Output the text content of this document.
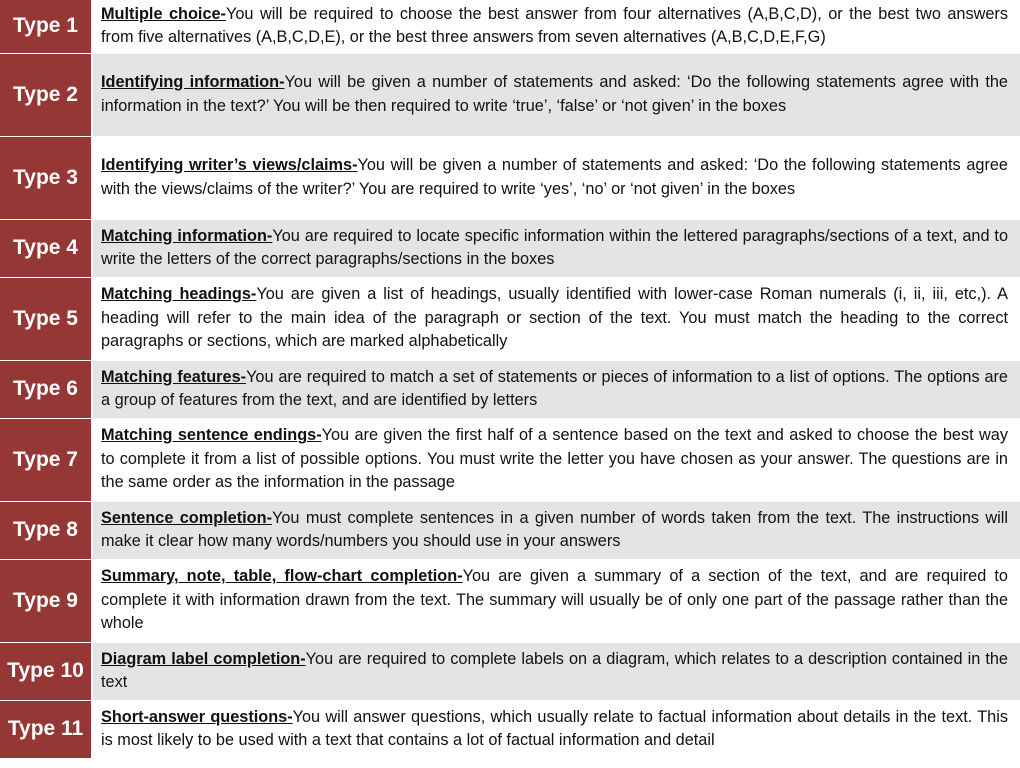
Type 1	Multiple choice-You will be required to choose the best answer from four alternatives (A,B,C,D), or the best two answers from five alternatives (A,B,C,D,E), or the best three answers from seven alternatives (A,B,C,D,E,F,G)
Type 2	Identifying information-You will be given a number of statements and asked: ‘Do the following statements agree with the information in the text?’ You will be then required to write ‘true’, ‘false’ or ‘not given’ in the boxes
Type 3	Identifying writer’s views/claims-You will be given a number of statements and asked: ‘Do the following statements agree with the views/claims of the writer?’ You are required to write ‘yes’, ‘no’ or ‘not given’ in the boxes
Type 4	Matching information-You are required to locate specific information within the lettered paragraphs/sections of a text, and to write the letters of the correct paragraphs/sections in the boxes
Type 5	Matching headings-You are given a list of headings, usually identified with lower-case Roman numerals (i, ii, iii, etc,). A heading will refer to the main idea of the paragraph or section of the text. You must match the heading to the correct paragraphs or sections, which are marked alphabetically
Type 6	Matching features-You are required to match a set of statements or pieces of information to a list of options. The options are a group of features from the text, and are identified by letters
Type 7	Matching sentence endings-You are given the first half of a sentence based on the text and asked to choose the best way to complete it from a list of possible options. You must write the letter you have chosen as your answer. The questions are in the same order as the information in the passage
Type 8	Sentence completion-You must complete sentences in a given number of words taken from the text. The instructions will make it clear how many words/numbers you should use in your answers
Type 9	Summary, note, table, flow-chart completion-You are given a summary of a section of the text, and are required to complete it with information drawn from the text. The summary will usually be of only one part of the passage rather than the whole
Type 10	Diagram label completion-You are required to complete labels on a diagram, which relates to a description contained in the text
Type 11	Short-answer questions-You will answer questions, which usually relate to factual information about details in the text. This is most likely to be used with a text that contains a lot of factual information and detail
